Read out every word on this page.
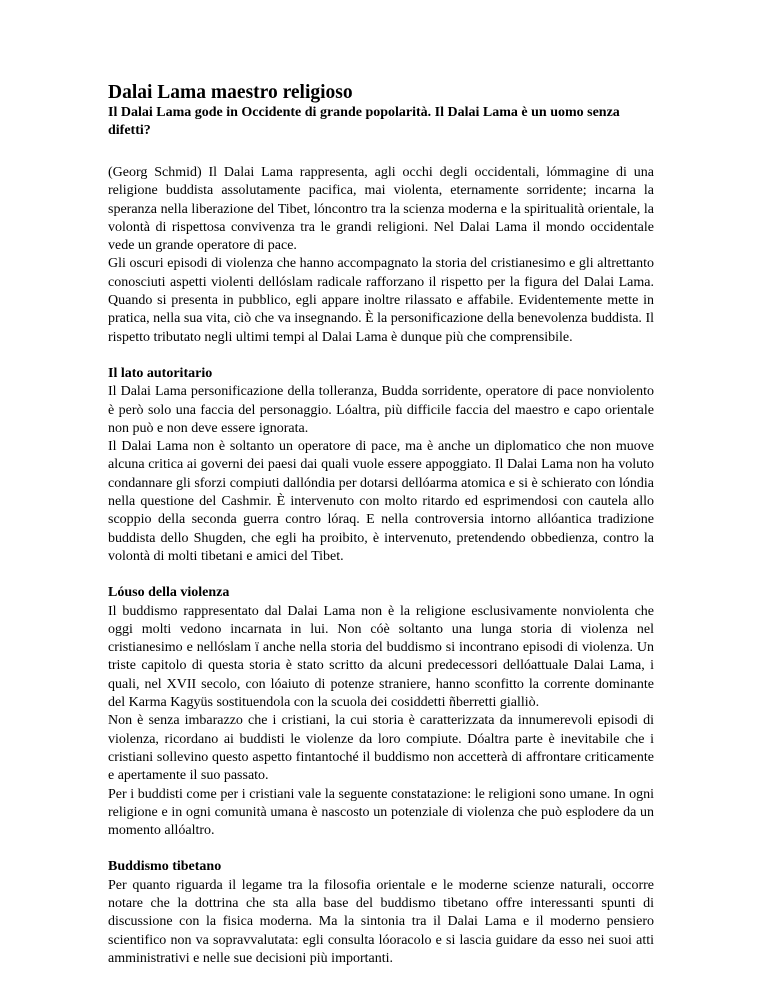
Dalai Lama maestro religioso
Il Dalai Lama gode in Occidente di grande popolarità. Il Dalai Lama è un uomo senza difetti?

(Georg Schmid) Il Dalai Lama rappresenta, agli occhi degli occidentali, lómmagine di una religione buddista assolutamente pacifica, mai violenta, eternamente sorridente; incarna la speranza nella liberazione del Tibet, lóncontro tra la scienza moderna e la spiritualità orientale, la volontà di rispettosa convivenza tra le grandi religioni. Nel Dalai Lama il mondo occidentale vede un grande operatore di pace.

Gli oscuri episodi di violenza che hanno accompagnato la storia del cristianesimo e gli altrettanto conosciuti aspetti violenti dellóslam radicale rafforzano il rispetto per la figura del Dalai Lama. Quando si presenta in pubblico, egli appare inoltre rilassato e affabile. Evidentemente mette in pratica, nella sua vita, ciò che va insegnando. È la personificazione della benevolenza buddista. Il rispetto tributato negli ultimi tempi al Dalai Lama è dunque più che comprensibile.

Il lato autoritario

Il Dalai Lama personificazione della tolleranza, Budda sorridente, operatore di pace nonviolento è però solo una faccia del personaggio. Lóaltra, più difficile faccia del maestro e capo orientale non può e non deve essere ignorata.

Il Dalai Lama non è soltanto un operatore di pace, ma è anche un diplomatico che non muove alcuna critica ai governi dei paesi dai quali vuole essere appoggiato. Il Dalai Lama non ha voluto condannare gli sforzi compiuti dallóndia per dotarsi dellóarma atomica e si è schierato con lóndia nella questione del Cashmir. È intervenuto con molto ritardo ed esprimendosi con cautela allo scoppio della seconda guerra contro lóraq. E nella controversia intorno allóantica tradizione buddista dello Shugden, che egli ha proibito, è intervenuto, pretendendo obbedienza, contro la volontà di molti tibetani e amici del Tibet.

Lóuso della violenza

Il buddismo rappresentato dal Dalai Lama non è la religione esclusivamente nonviolenta che oggi molti vedono incarnata in lui. Non cóè soltanto una lunga storia di violenza nel cristianesimo e nellóslam ï anche nella storia del buddismo si incontrano episodi di violenza. Un triste capitolo di questa storia è stato scritto da alcuni predecessori dellóattuale Dalai Lama, i quali, nel XVII secolo, con lóaiuto di potenze straniere, hanno sconfitto la corrente dominante del Karma Kagyüs sostituendola con la scuola dei cosiddetti ñberretti gialliò.

Non è senza imbarazzo che i cristiani, la cui storia è caratterizzata da innumerevoli episodi di violenza, ricordano ai buddisti le violenze da loro compiute. Dóaltra parte è inevitabile che i cristiani sollevino questo aspetto fintantoché il buddismo non accetterà di affrontare criticamente e apertamente il suo passato.

Per i buddisti come per i cristiani vale la seguente constatazione: le religioni sono umane. In ogni religione e in ogni comunità umana è nascosto un potenziale di violenza che può esplodere da un momento allóaltro.

Buddismo tibetano

Per quanto riguarda il legame tra la filosofia orientale e le moderne scienze naturali, occorre notare che la dottrina che sta alla base del buddismo tibetano offre interessanti spunti di discussione con la fisica moderna. Ma la sintonia tra il Dalai Lama e il moderno pensiero scientifico non va sopravvalutata: egli consulta lóoracolo e si lascia guidare da esso nei suoi atti amministrativi e nelle sue decisioni più importanti.
